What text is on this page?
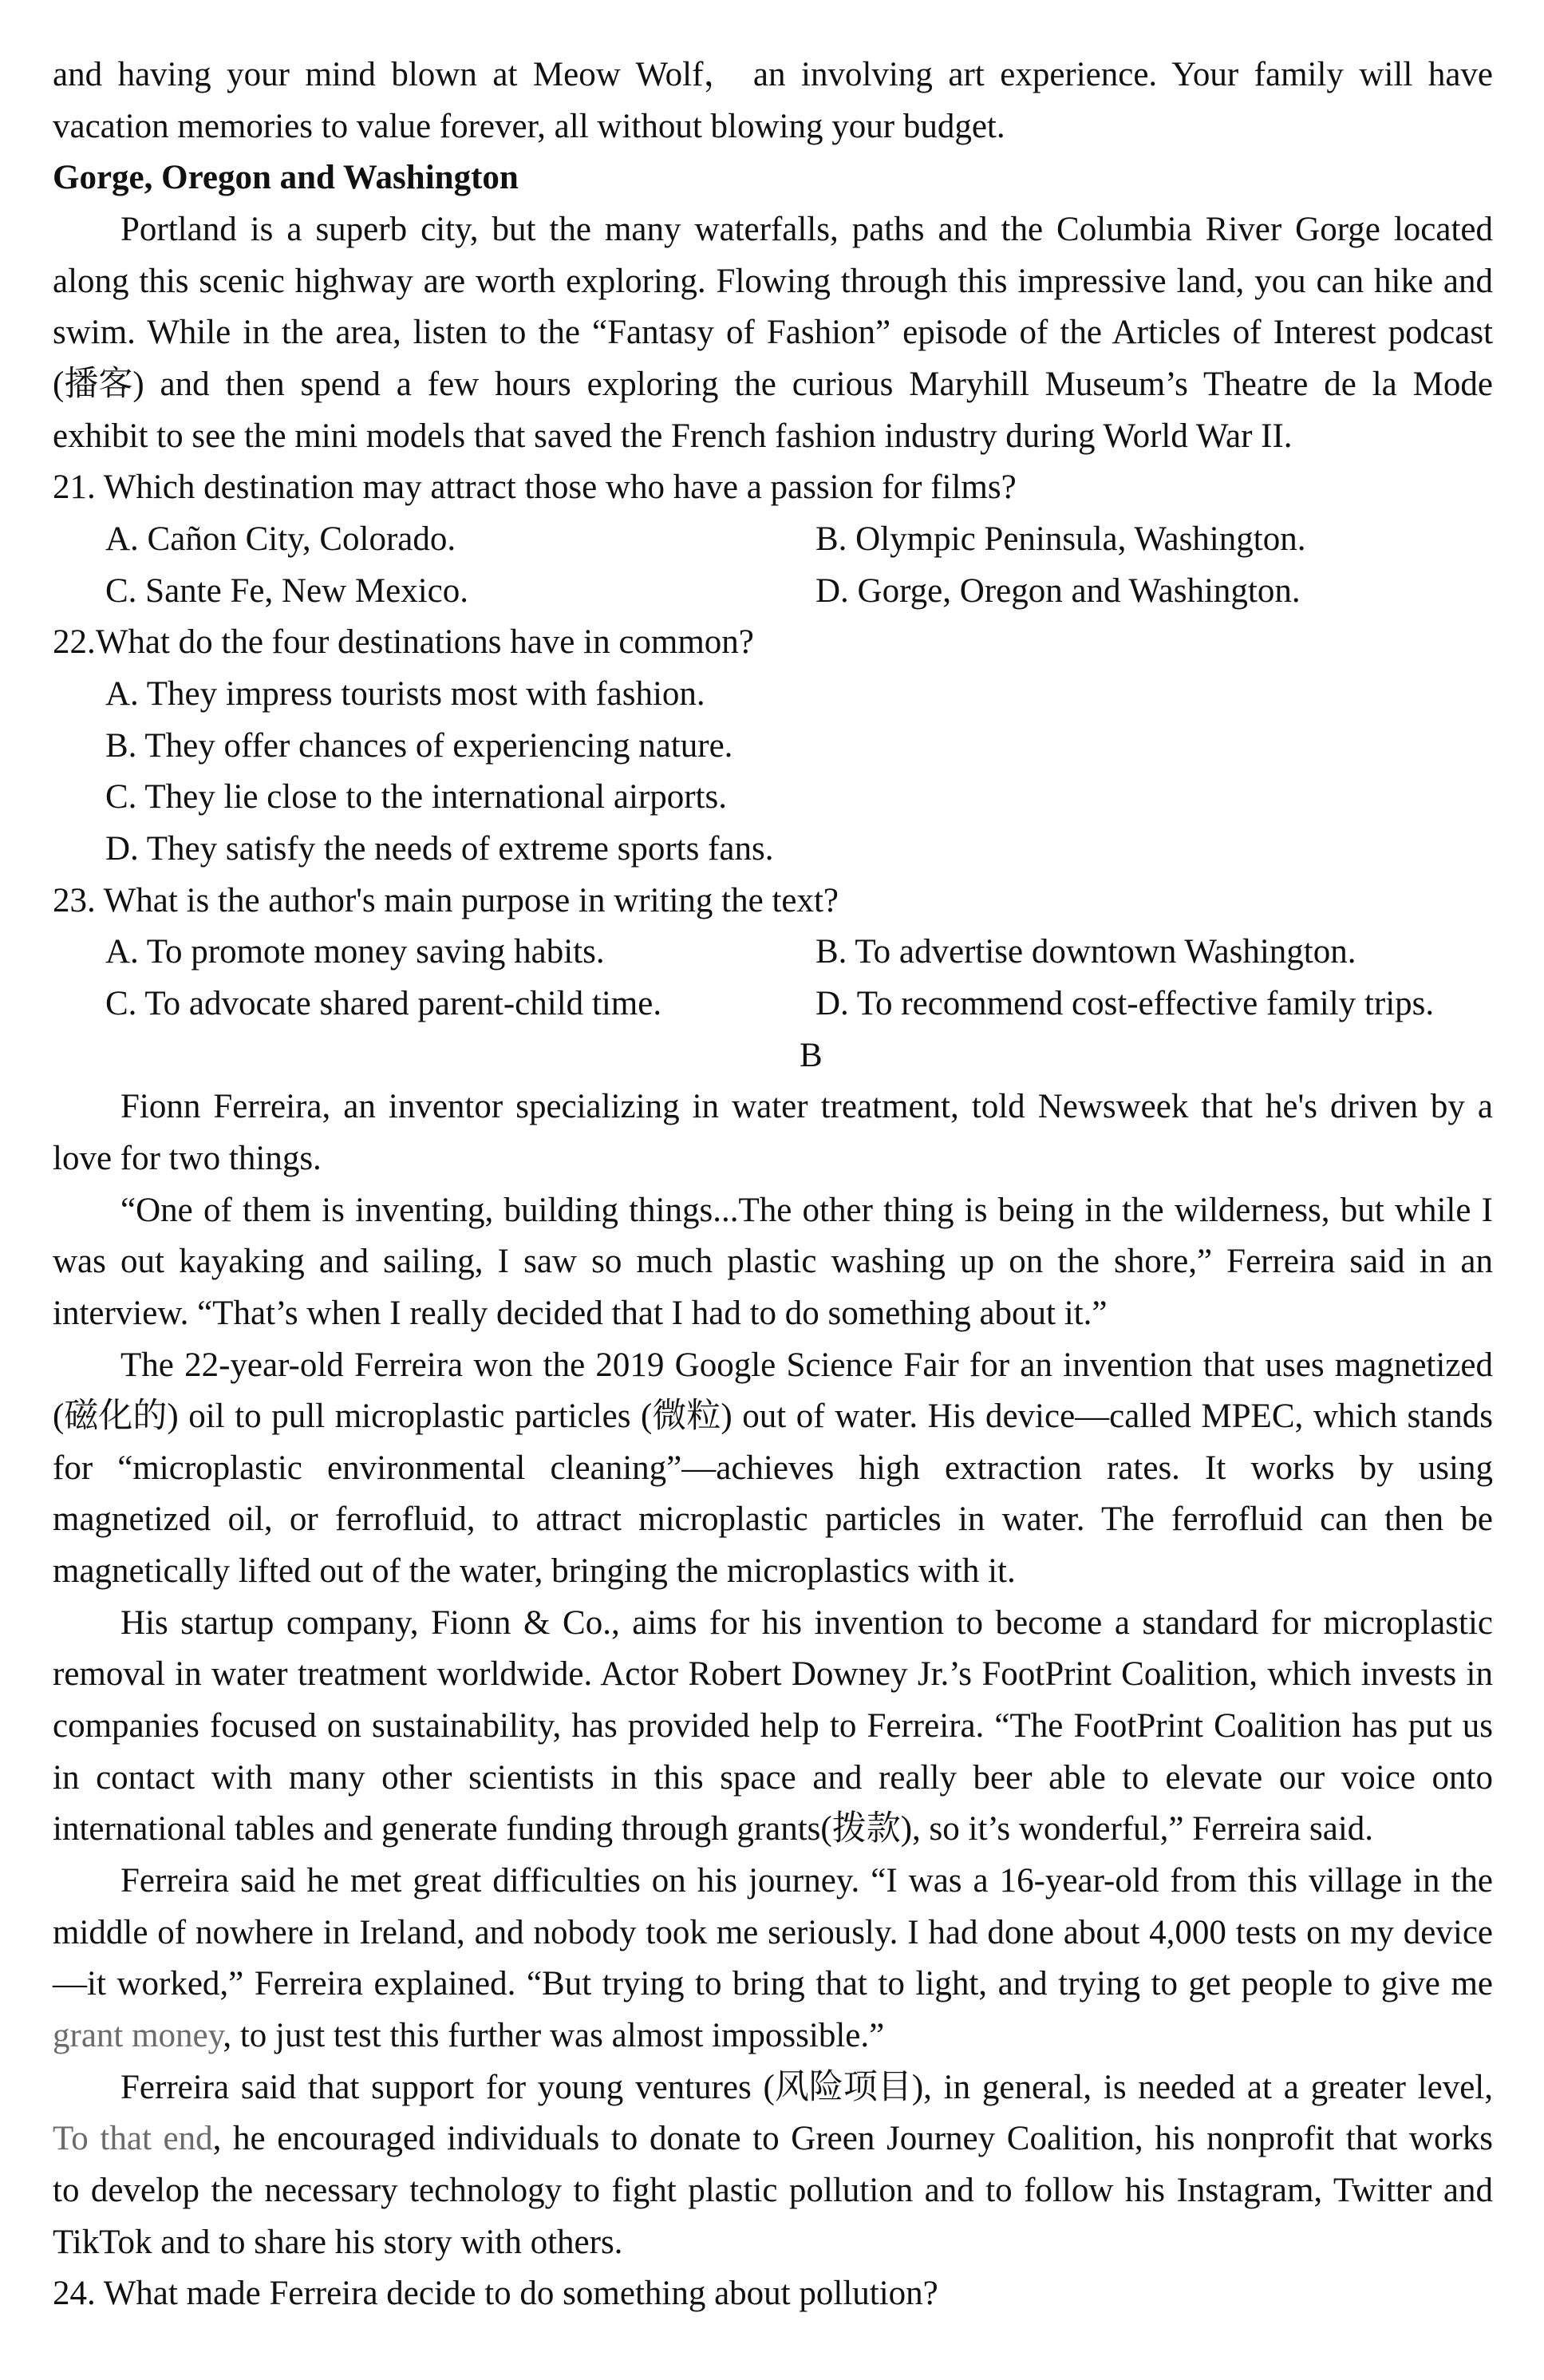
and having your mind blown at Meow Wolf， an involving art experience. Your family will have
vacation memories to value forever, all without blowing your budget.
Gorge, Oregon and Washington
Portland is a superb city, but the many waterfalls, paths and the Columbia River Gorge located
along this scenic highway are worth exploring. Flowing through this impressive land, you can hike and
swim. While in the area, listen to the “Fantasy of Fashion” episode of the Articles of Interest podcast
(播客) and then spend a few hours exploring the curious Maryhill Museum’s Theatre de la Mode
exhibit to see the mini models that saved the French fashion industry during World War II.
21. Which destination may attract those who have a passion for films?
A. Cañon City, Colorado.	B. Olympic Peninsula, Washington.
C. Sante Fe, New Mexico.	D. Gorge, Oregon and Washington.
22.What do the four destinations have in common?
A. They impress tourists most with fashion.
B. They offer chances of experiencing nature.
C. They lie close to the international airports.
D. They satisfy the needs of extreme sports fans.
23. What is the author's main purpose in writing the text?
A. To promote money saving habits.	B. To advertise downtown Washington.
C. To advocate shared parent-child time.	D. To recommend cost-effective family trips.
B
Fionn Ferreira, an inventor specializing in water treatment, told Newsweek that he's driven by a
love for two things.
“One of them is inventing, building things...The other thing is being in the wilderness, but while I
was out kayaking and sailing, I saw so much plastic washing up on the shore,” Ferreira said in an
interview. “That’s when I really decided that I had to do something about it.”
The 22-year-old Ferreira won the 2019 Google Science Fair for an invention that uses magnetized
(磁化的) oil to pull microplastic particles (微粒) out of water. His device—called MPEC, which stands
for “microplastic environmental cleaning”—achieves high extraction rates. It works by using
magnetized oil, or ferrofluid, to attract microplastic particles in water. The ferrofluid can then be
magnetically lifted out of the water, bringing the microplastics with it.
His startup company, Fionn & Co., aims for his invention to become a standard for microplastic
removal in water treatment worldwide. Actor Robert Downey Jr.’s FootPrint Coalition, which invests in
companies focused on sustainability, has provided help to Ferreira. “The FootPrint Coalition has put us
in contact with many other scientists in this space and really beer able to elevate our voice onto
international tables and generate funding through grants(拨款), so it’s wonderful,” Ferreira said.
Ferreira said he met great difficulties on his journey. “I was a 16-year-old from this village in the
middle of nowhere in Ireland, and nobody took me seriously. I had done about 4,000 tests on my device
—it worked,” Ferreira explained. “But trying to bring that to light, and trying to get people to give me
grant money, to just test this further was almost impossible.”
Ferreira said that support for young ventures (风险项目), in general, is needed at a greater level,
To that end, he encouraged individuals to donate to Green Journey Coalition, his nonprofit that works
to develop the necessary technology to fight plastic pollution and to follow his Instagram, Twitter and
TikTok and to share his story with others.
24. What made Ferreira decide to do something about pollution?
